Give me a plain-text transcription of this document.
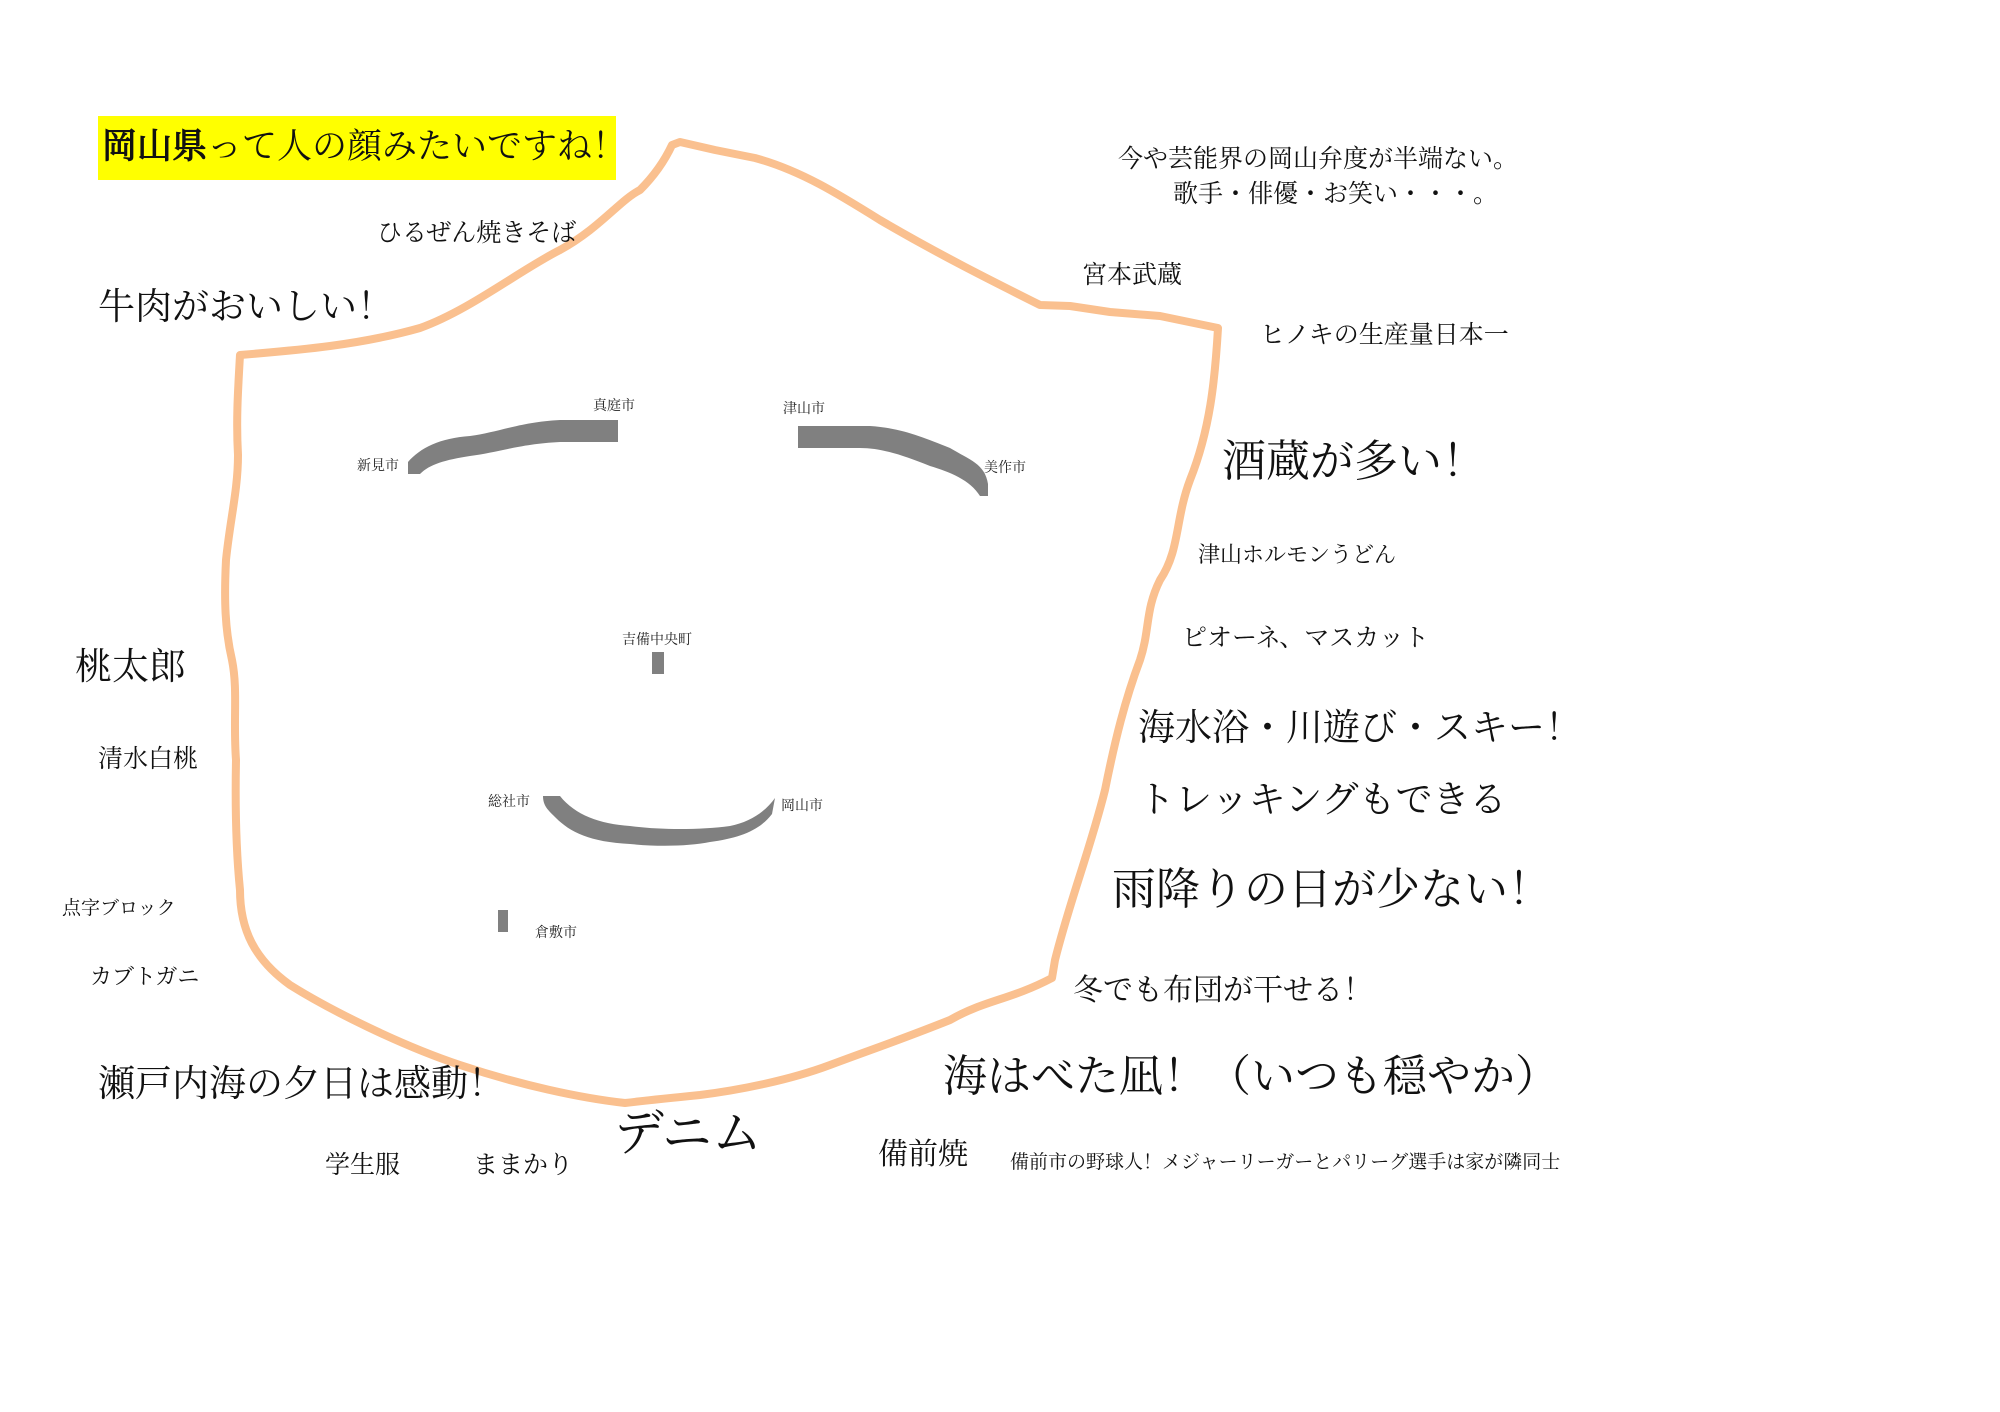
岡山県って人の顔みたいですね！
新見市
真庭市	津山市
美作市
吉備中央町
総社市	岡山市
倉敷市
ひるぜん焼きそば
牛肉がおいしい！
桃太郎
清水白桃
点字ブロック
カブトガニ
瀬戸内海の夕日は感動！
学生服	ままかり
デニム	備前焼 備前市の野球人！メジャーリーガーとパリーグ選手は家が隣同士
今や芸能界の岡山弁度が半端ない。
歌手・俳優・お笑い・・・。
宮本武蔵
ヒノキの生産量日本一
酒蔵が多い！
津山ホルモンうどん
ピオーネ、マスカット
海水浴・川遊び・スキー！
トレッキングもできる
雨降りの日が少ない！
冬でも布団が干せる！
海はべた凪！（いつも穏やか）
